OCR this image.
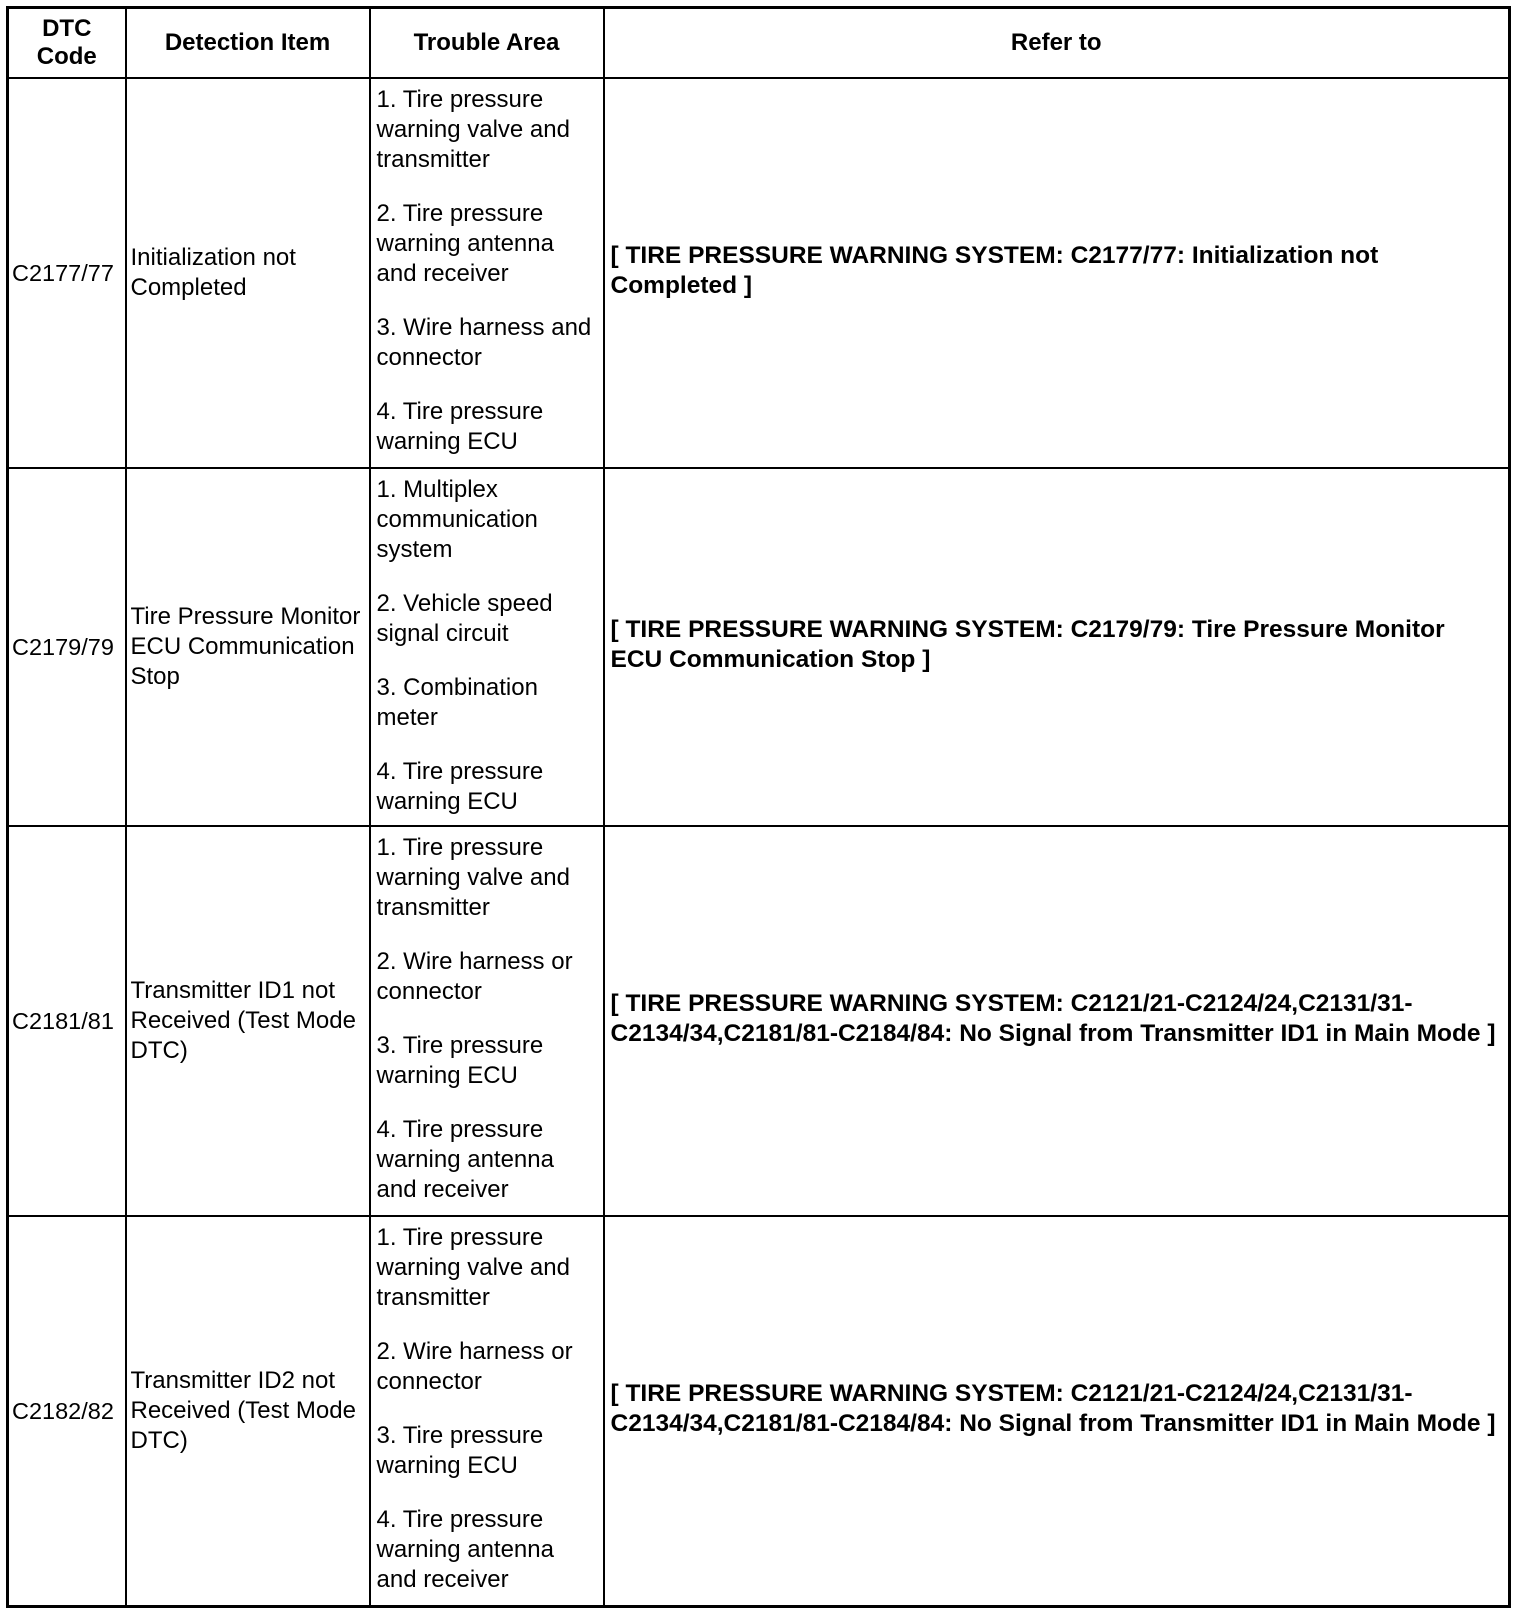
DTC Code	Detection Item	Trouble Area	Refer to
C2177/77	Initialization not Completed	1. Tire pressure warning valve and transmitter
2. Tire pressure warning antenna and receiver
3. Wire harness and connector
4. Tire pressure warning ECU	[ TIRE PRESSURE WARNING SYSTEM: C2177/77: Initialization not Completed ]

C2179/79	Tire Pressure Monitor ECU Communication Stop	1. Multiplex communication system
2. Vehicle speed signal circuit
3. Combination meter
4. Tire pressure warning ECU	[ TIRE PRESSURE WARNING SYSTEM: C2179/79: Tire Pressure Monitor ECU Communication Stop ]

C2181/81	Transmitter ID1 not Received (Test Mode DTC)	1. Tire pressure warning valve and transmitter
2. Wire harness or connector
3. Tire pressure warning ECU
4. Tire pressure warning antenna and receiver	[ TIRE PRESSURE WARNING SYSTEM: C2121/21-C2124/24,C2131/31-C2134/34,C2181/81-C2184/84: No Signal from Transmitter ID1 in Main Mode ]

C2182/82	Transmitter ID2 not Received (Test Mode DTC)	1. Tire pressure warning valve and transmitter
2. Wire harness or connector
3. Tire pressure warning ECU
4. Tire pressure warning antenna and receiver	[ TIRE PRESSURE WARNING SYSTEM: C2121/21-C2124/24,C2131/31-C2134/34,C2181/81-C2184/84: No Signal from Transmitter ID1 in Main Mode ]
